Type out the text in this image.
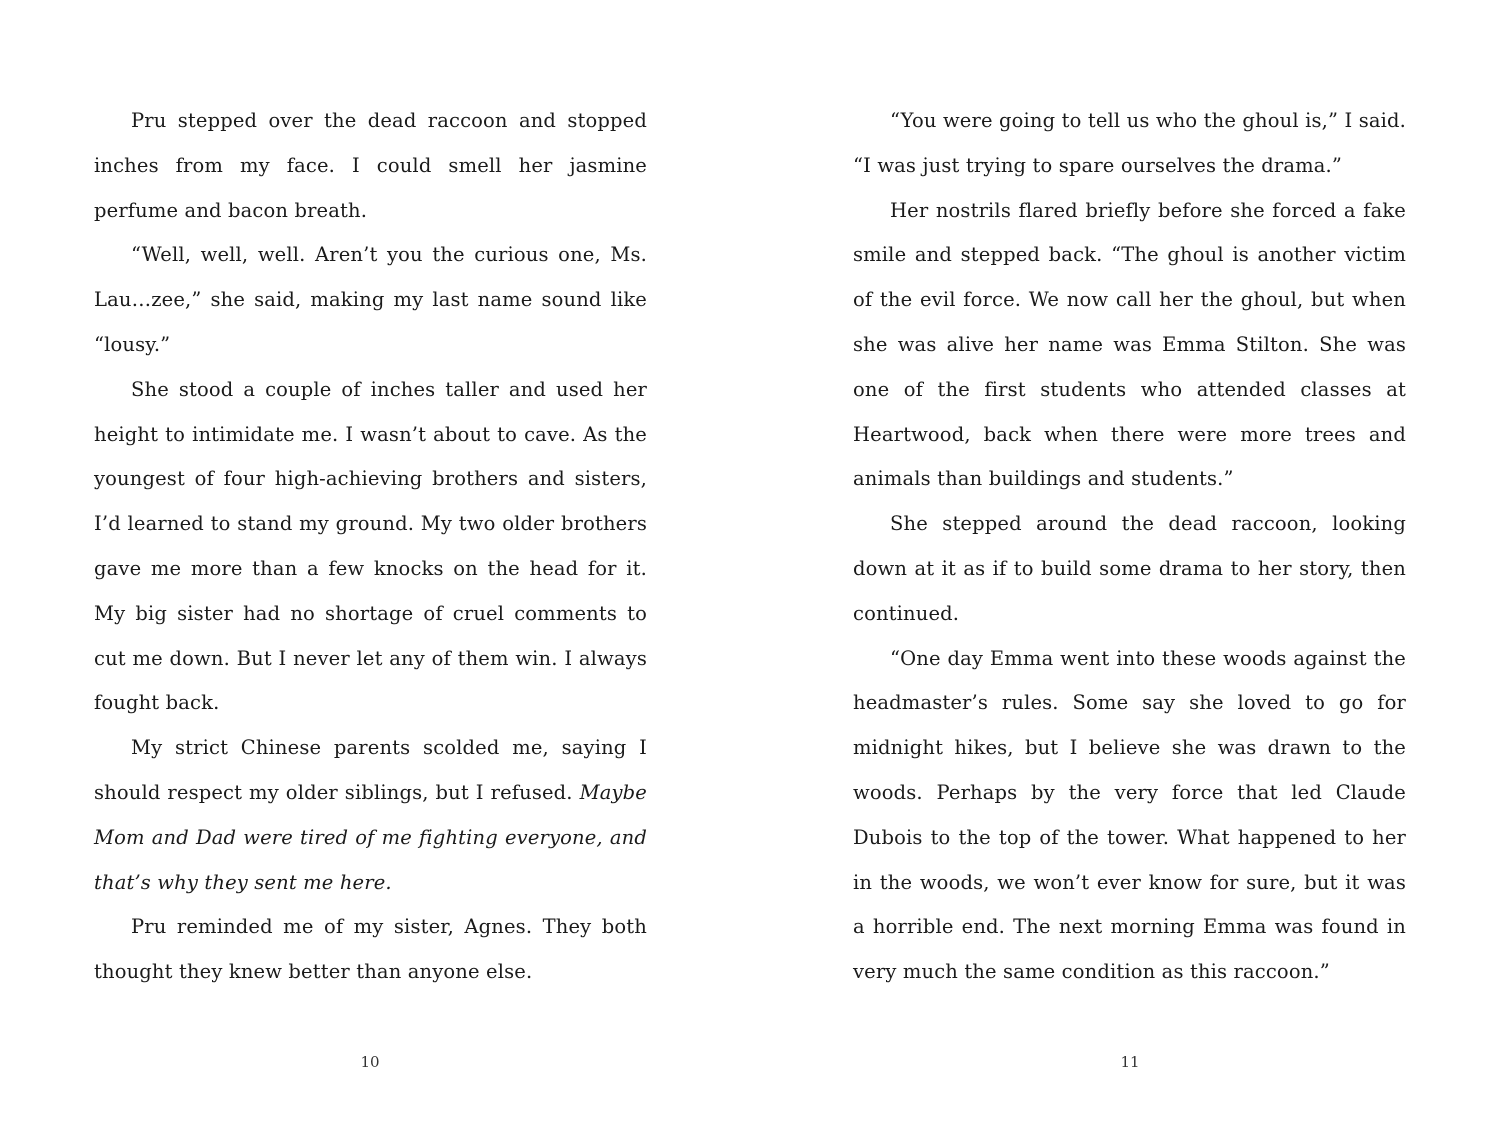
Pru stepped over the dead raccoon and stopped inches from my face. I could smell her jasmine perfume and bacon breath.

“Well, well, well. Aren’t you the curious one, Ms. Lau…zee,” she said, making my last name sound like “lousy.”

She stood a couple of inches taller and used her height to intimidate me. I wasn’t about to cave. As the youngest of four high-achieving brothers and sisters, I’d learned to stand my ground. My two older brothers gave me more than a few knocks on the head for it. My big sister had no shortage of cruel comments to cut me down. But I never let any of them win. I always fought back.

My strict Chinese parents scolded me, saying I should respect my older siblings, but I refused. Maybe Mom and Dad were tired of me fighting everyone, and that’s why they sent me here.

Pru reminded me of my sister, Agnes. They both thought they knew better than anyone else.

“You were going to tell us who the ghoul is,” I said. “I was just trying to spare ourselves the drama.”

Her nostrils flared briefly before she forced a fake smile and stepped back. “The ghoul is another victim of the evil force. We now call her the ghoul, but when she was alive her name was Emma Stilton. She was one of the first students who attended classes at Heartwood, back when there were more trees and animals than buildings and students.”

She stepped around the dead raccoon, looking down at it as if to build some drama to her story, then continued.

“One day Emma went into these woods against the headmaster’s rules. Some say she loved to go for midnight hikes, but I believe she was drawn to the woods. Perhaps by the very force that led Claude Dubois to the top of the tower. What happened to her in the woods, we won’t ever know for sure, but it was a horrible end. The next morning Emma was found in very much the same condition as this raccoon.”

10	11
